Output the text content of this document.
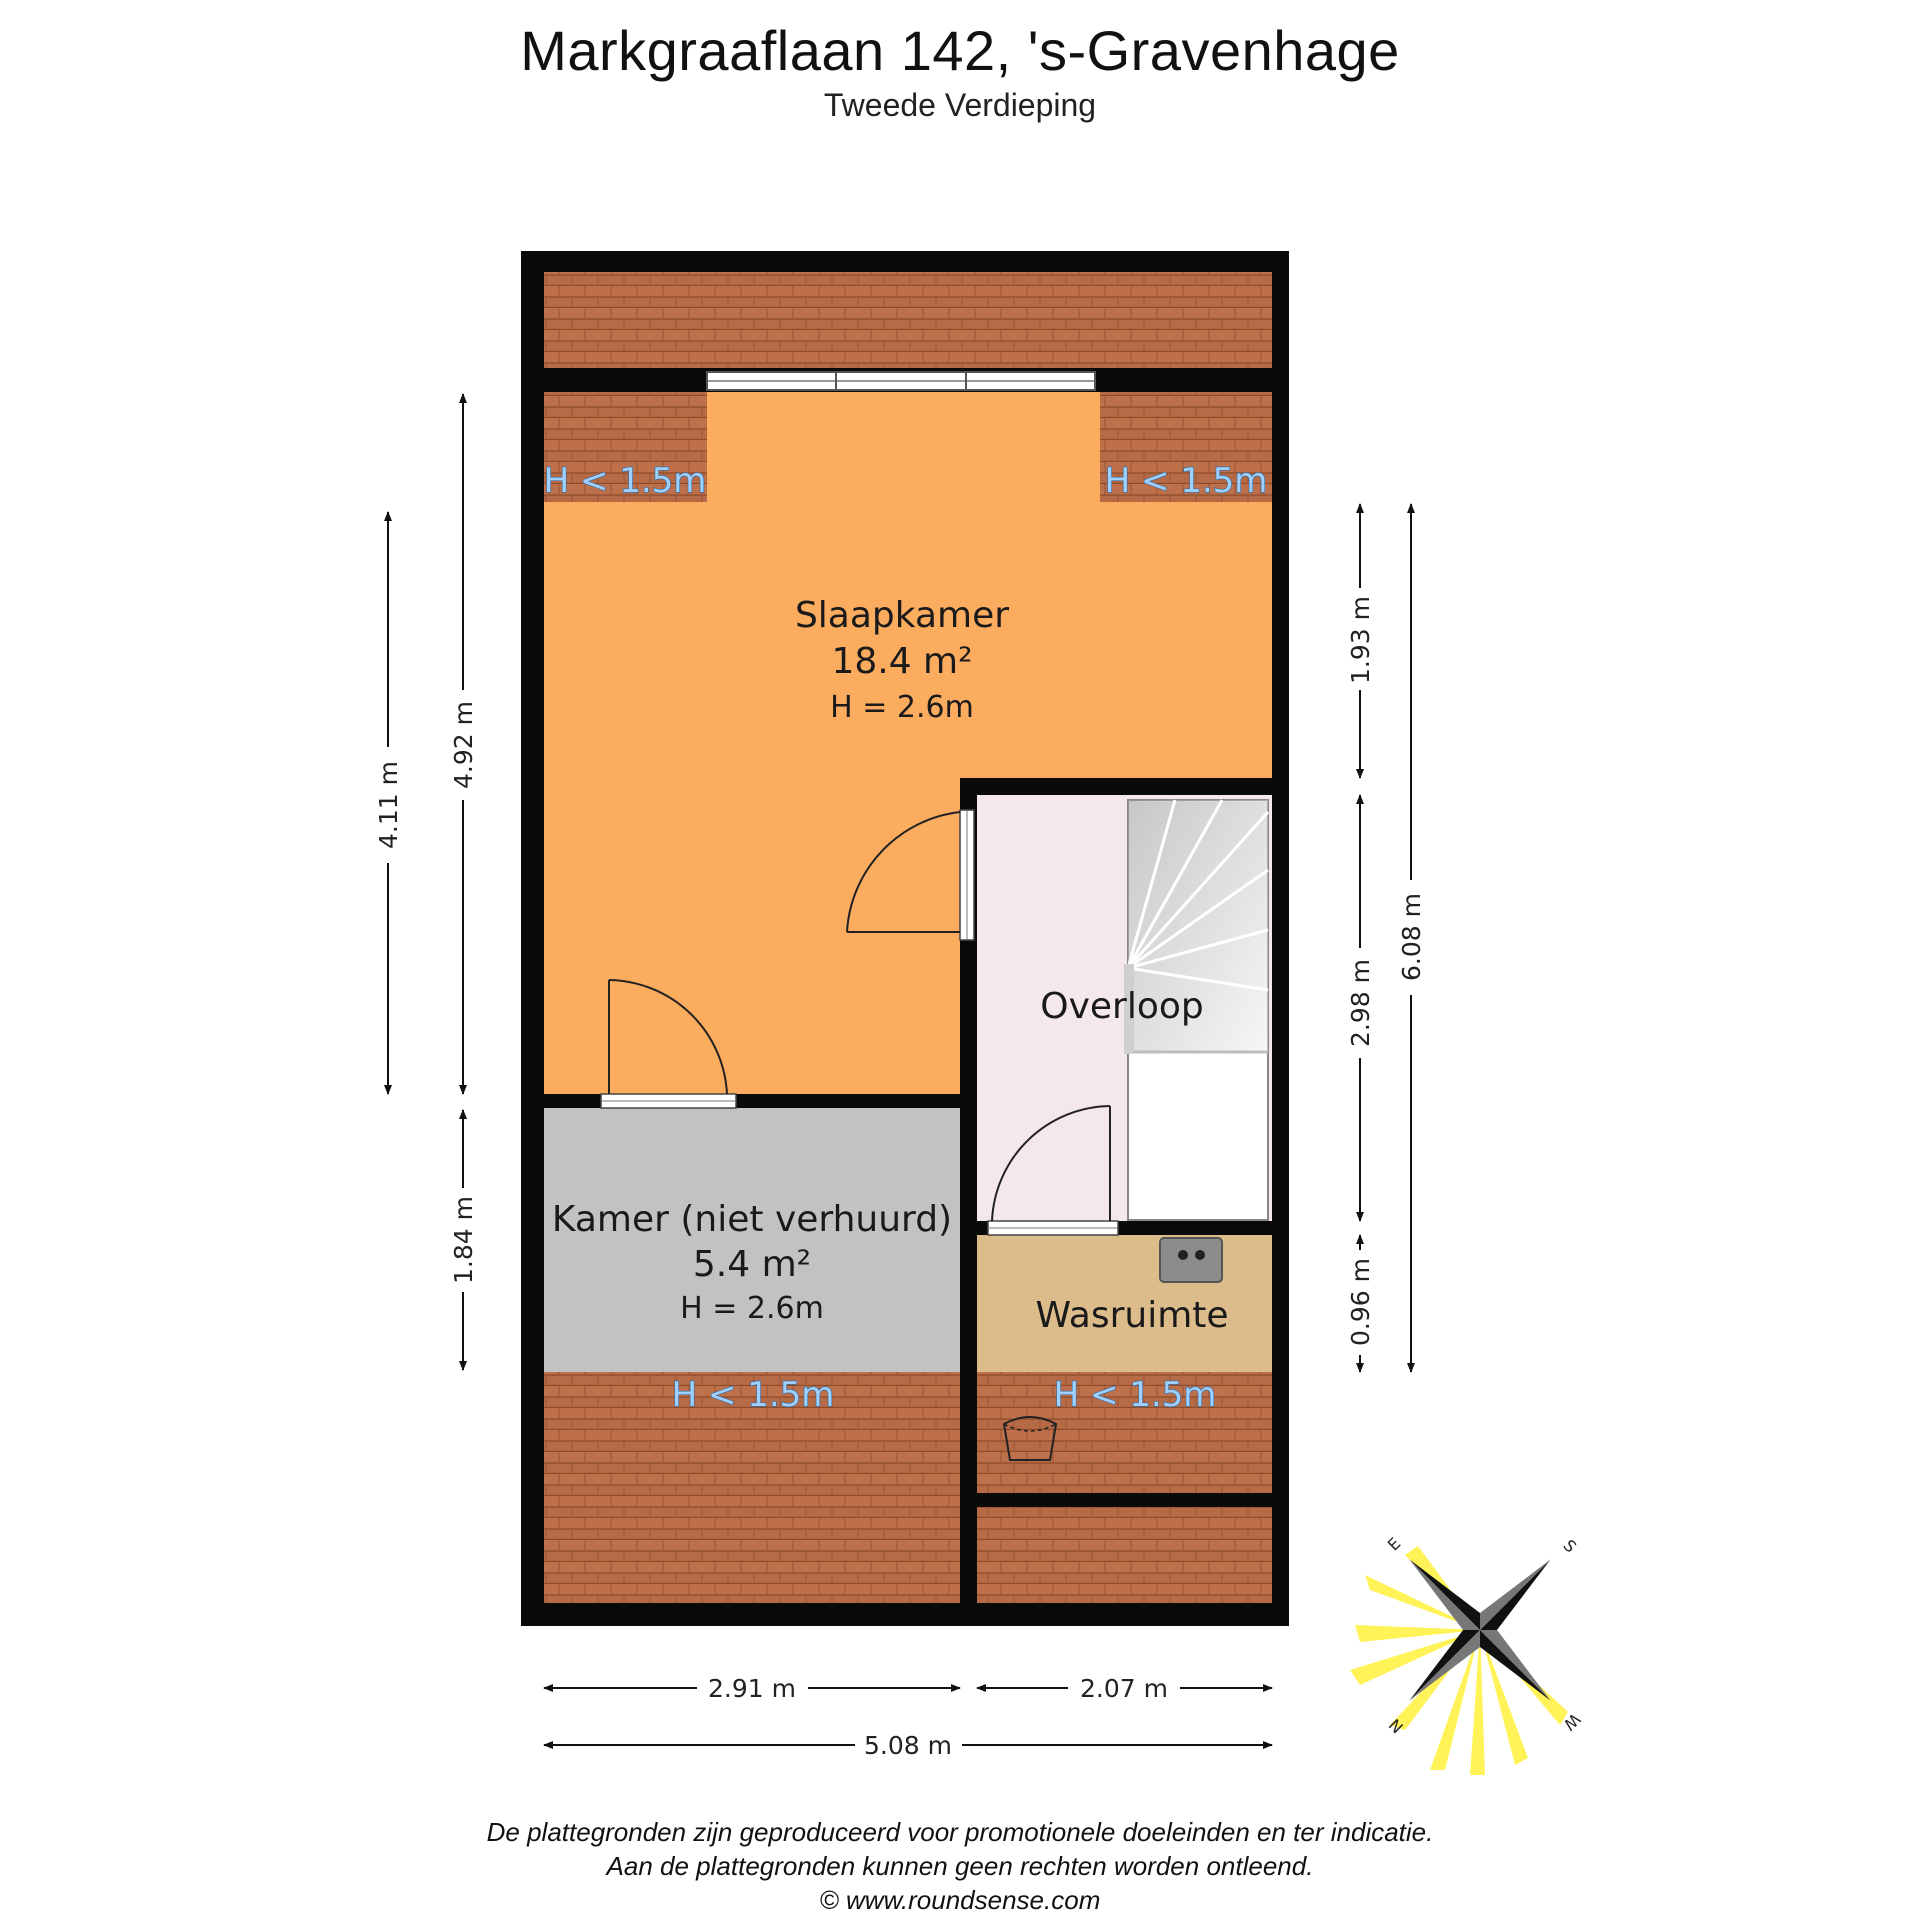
Markgraaflaan 142, 's-Gravenhage
Tweede Verdieping
Slaapkamer
18.4 m²
H = 2.6m
Kamer (niet verhuurd)
5.4 m²
H = 2.6m
Overloop
Wasruimte
H < 1.5m	H < 1.5m
H < 1.5m	H < 1.5m
4.11 m
4.92 m
1.84 m
1.93 m
2.98 m
0.96 m
6.08 m
2.91 m	2.07 m
5.08 m
E	S
N	W
De plattegronden zijn geproduceerd voor promotionele doeleinden en ter indicatie.
Aan de plattegronden kunnen geen rechten worden ontleend.
© www.roundsense.com
